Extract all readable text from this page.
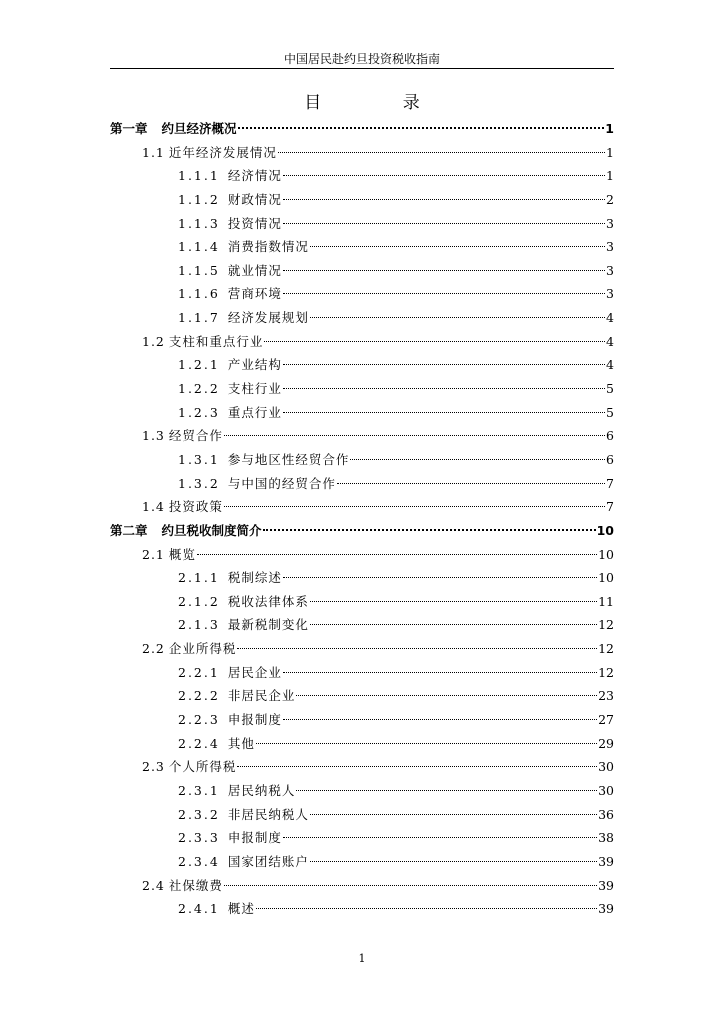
中国居民赴约旦投资税收指南
目 录
第一章 约旦经济概况	1
1.1 近年经济发展情况	1
1.1.1 经济情况	1
1.1.2 财政情况	2
1.1.3 投资情况	3
1.1.4 消费指数情况	3
1.1.5 就业情况	3
1.1.6 营商环境	3
1.1.7 经济发展规划	4
1.2 支柱和重点行业	4
1.2.1 产业结构	4
1.2.2 支柱行业	5
1.2.3 重点行业	5
1.3 经贸合作	6
1.3.1 参与地区性经贸合作	6
1.3.2 与中国的经贸合作	7
1.4 投资政策	7
第二章 约旦税收制度简介	10
2.1 概览	10
2.1.1 税制综述	10
2.1.2 税收法律体系	11
2.1.3 最新税制变化	12
2.2 企业所得税	12
2.2.1 居民企业	12
2.2.2 非居民企业	23
2.2.3 申报制度	27
2.2.4 其他	29
2.3 个人所得税	30
2.3.1 居民纳税人	30
2.3.2 非居民纳税人	36
2.3.3 申报制度	38
2.3.4 国家团结账户	39
2.4 社保缴费	39
2.4.1 概述	39
1
